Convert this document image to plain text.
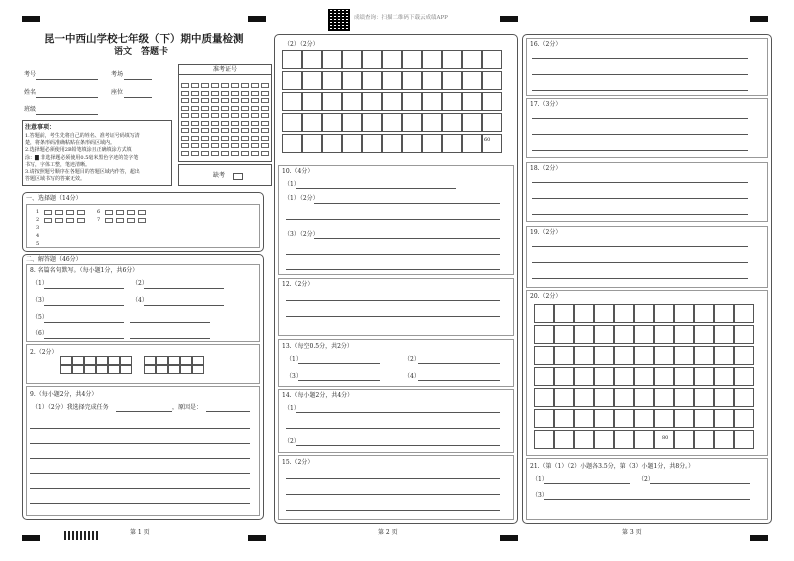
成绩查询：扫描二维码下载云成绩APP
昆一中西山学校七年级（下）期中质量检测
语文　答题卡
考号	考场
姓名	座位
班级
准考证号
缺考
注意事项：
1.答题前，考生先将自己的姓名、准考证号码填写清
楚，将条形码准确粘贴在条形码区域内。
2.选择题必须使用2B铅笔填涂且正确填涂方式填
涂：▇ 非选择题必须使用0.5毫米黑色字迹的签字笔
书写，字体工整，笔迹清晰。
3.请按照题号顺序在各题目的答题区域内作答，超出
答题区域书写的答案无效。
一、选择题（14分）
1
2
3
4
5
6
7
二、解答题（46分）
8. 名篇名句默写。（每小题1分，共6分）
（1）	（2）
（3）	（4）
（5）
（6）
2.（2分）
9.（每小题2分，共4分）
（1）（2分）我选择完成任务	，原因是：
第 1 页
（2）（2分）
60
10.（4分）
（1）
（1）（2分）
（3）（2分）
12.（2分）
13.（每空0.5分，共2分）
（1）	（2）
（3）	（4）
14.（每小题2分，共4分）
（1）
（2）
15.（2分）
第 2 页
16.（2分）
17.（3分）
18.（2分）
19.（2分）
20.（2分）
80
21.（第（1）（2）小题各3.5分，第（3）小题1分，共8分。）
（1）	（2）
（3）
第 3 页
